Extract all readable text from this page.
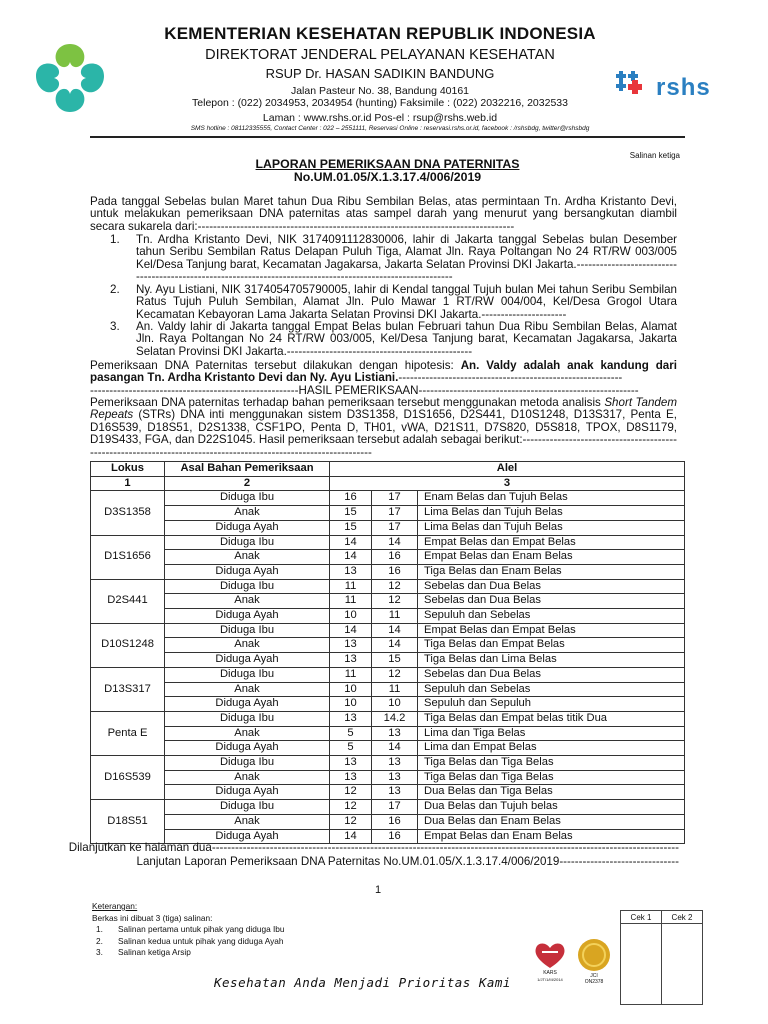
KEMENTERIAN KESEHATAN REPUBLIK INDONESIA
DIREKTORAT JENDERAL PELAYANAN KESEHATAN
RSUP Dr. HASAN SADIKIN BANDUNG
Jalan Pasteur No. 38, Bandung 40161
Telepon : (022) 2034953, 2034954 (hunting) Faksimile : (022) 2032216, 2032533
Laman : www.rshs.or.id Pos-el : rsup@rshs.web.id
SMS hotline : 08112335555, Contact Center : 022 – 2551111, Reservasi Online : reservasi.rshs.or.id, facebook : /rshsbdg, twitter@rshsbdg
rshs
Salinan ketiga
LAPORAN PEMERIKSAAN DNA PATERNITAS
No.UM.01.05/X.1.3.17.4/006/2019
Pada tanggal Sebelas bulan Maret tahun Dua Ribu Sembilan Belas, atas permintaan Tn. Ardha Kristanto Devi, untuk melakukan pemeriksaan DNA paternitas atas sampel darah yang menurut yang bersangkutan diambil secara sukarela dari:----------------------------------------------------------------------------------
1.	Tn. Ardha Kristanto Devi, NIK 3174091112830006, lahir di Jakarta tanggal Sebelas bulan Desember tahun Seribu Sembilan Ratus Delapan Puluh Tiga, Alamat Jln. Raya Poltangan No 24 RT/RW 003/005 Kel/Desa Tanjung barat, Kecamatan Jagakarsa, Jakarta Selatan Provinsi DKI Jakarta.------------------------------------------------------------------------------------------------------------
2.	Ny. Ayu Listiani, NIK 3174054705790005, lahir di Kendal tanggal Tujuh bulan Mei tahun Seribu Sembilan Ratus Tujuh Puluh Sembilan, Alamat Jln. Pulo Mawar 1 RT/RW 004/004, Kel/Desa Grogol Utara Kecamatan Kebayoran Lama Jakarta Selatan Provinsi DKI Jakarta.----------------------
3.	An. Valdy lahir di Jakarta tanggal Empat Belas bulan Februari tahun Dua Ribu Sembilan Belas, Alamat Jln. Raya Poltangan No 24 RT/RW 003/005, Kel/Desa Tanjung barat, Kecamatan Jagakarsa, Jakarta Selatan Provinsi DKI Jakarta.------------------------------------------------
Pemeriksaan DNA Paternitas tersebut dilakukan dengan hipotesis: An. Valdy adalah anak kandung dari pasangan Tn. Ardha Kristanto Devi dan Ny. Ayu Listiani.----------------------------------------------------------
------------------------------------------------------HASIL PEMERIKSAAN---------------------------------------------------------
Pemeriksaan DNA paternitas terhadap bahan pemeriksaan tersebut menggunakan metoda analisis Short Tandem Repeats (STRs) DNA inti menggunakan sistem D3S1358, D1S1656, D2S441, D10S1248, D13S317, Penta E, D16S539, D18S51, D2S1338, CSF1PO, Penta D, TH01, vWA, D21S11, D7S820, D5S818, TPOX, D8S1179, D19S433, FGA, dan D22S1045. Hasil pemeriksaan tersebut adalah sebagai berikut:-----------------------------------------------------------------------------------------------------------------
Lokus	Asal Bahan Pemeriksaan	Alel		
1	2	3		
D3S1358	Diduga Ibu	16	17	Enam Belas dan Tujuh Belas
	Anak	15	17	Lima Belas dan Tujuh Belas
	Diduga Ayah	15	17	Lima Belas dan Tujuh Belas
D1S1656	Diduga Ibu	14	14	Empat Belas dan Empat Belas
	Anak	14	16	Empat Belas dan Enam Belas
	Diduga Ayah	13	16	Tiga Belas dan Enam Belas
D2S441	Diduga Ibu	11	12	Sebelas dan Dua Belas
	Anak	11	12	Sebelas dan Dua Belas
	Diduga Ayah	10	11	Sepuluh dan Sebelas
D10S1248	Diduga Ibu	14	14	Empat Belas dan Empat Belas
	Anak	13	14	Tiga Belas dan Empat Belas
	Diduga Ayah	13	15	Tiga Belas dan Lima Belas
D13S317	Diduga Ibu	11	12	Sebelas dan Dua Belas
	Anak	10	11	Sepuluh dan Sebelas
	Diduga Ayah	10	10	Sepuluh dan Sepuluh
Penta E	Diduga Ibu	13	14.2	Tiga Belas dan Empat belas titik Dua
	Anak	5	13	Lima dan Tiga Belas
	Diduga Ayah	5	14	Lima dan Empat Belas
D16S539	Diduga Ibu	13	13	Tiga Belas dan Tiga Belas
	Anak	13	13	Tiga Belas dan Tiga Belas
	Diduga Ayah	12	13	Dua Belas dan Tiga Belas
D18S51	Diduga Ibu	12	17	Dua Belas dan Tujuh belas
	Anak	12	16	Dua Belas dan Enam Belas
	Diduga Ayah	14	16	Empat Belas dan Enam Belas
-------------------------------------------------------------------------------------------------------------------------Dilanjutkan ke halaman dua
-------------------------------Lanjutan Laporan Pemeriksaan DNA Paternitas No.UM.01.05/X.1.3.17.4/006/2019
1
Keterangan:
Berkas ini dibuat 3 (tiga) salinan:
1. Salinan pertama untuk pihak yang diduga Ibu
2. Salinan kedua untuk pihak yang diduga Ayah
3. Salinan ketiga Arsip
Cek 1	Cek 2

KARS
1/JT/1/III/2014
JCI
ON2378
Kesehatan Anda Menjadi Prioritas Kami
